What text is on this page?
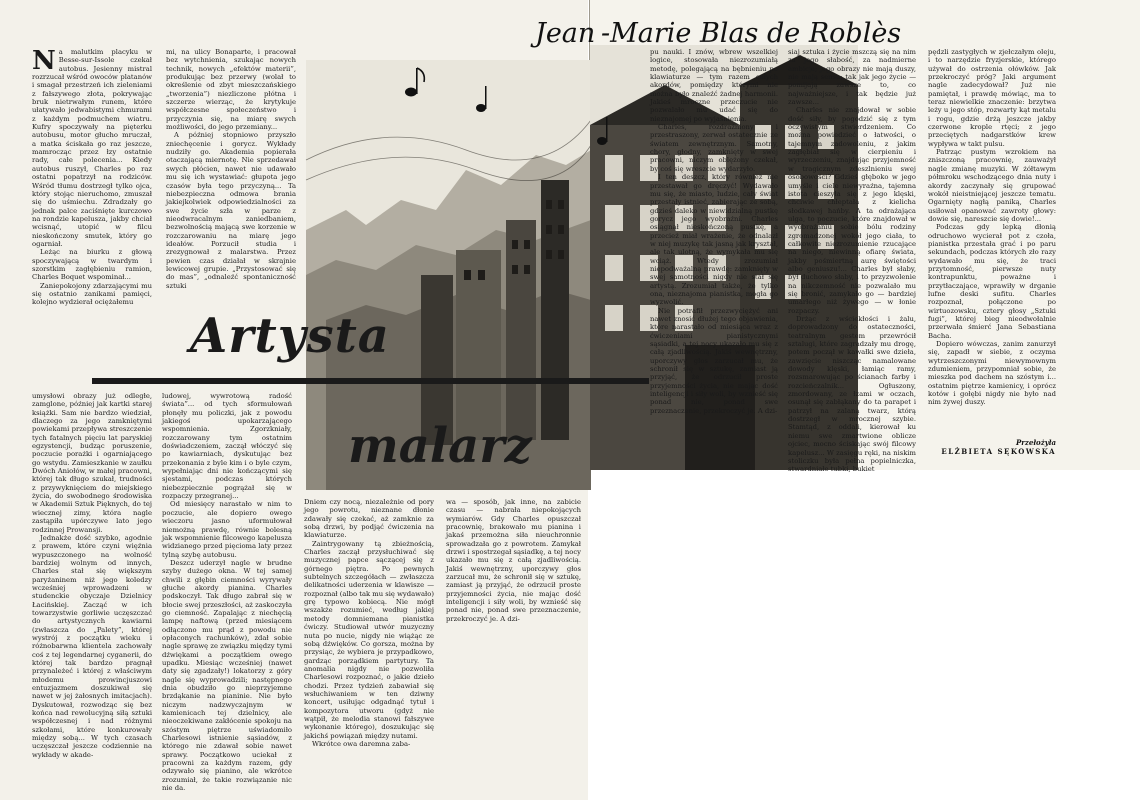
Jean -Marie Blas de Roblès
Artysta
malarz

Na malutkim placyku w Besse-sur-Issole czekał autobus. Jesienny mistral rozrzucał wśród owoców platanów i smagał przestrzeń ich zieleniami z fałszywego złota, pokrywając bruk nietrwałym runem, które ułatywało jedwabistymi chmurami z każdym podmuchem wiatru. Kufry spoczywały na pięterku autobusu, motor głucho mruczał, a matka ściskała go raz jeszcze, mamrocząc przez łzy ostatnie rady, całe polecenia... Kiedy autobus ruszył, Charles po raz ostatni popatrzył na rodziców. Wśród tłumu dostrzegł tylko ojca, który stojąc nieruchomo, zmuszał się do uśmiechu. Zdradzały go jednak palce zaciśnięte kurczowo na rondzie kapelusza, jakby chciał wcisnąć, utopić w filcu nieskończony smutek, który go ogarniał.

Leżąc na biurku z głową spoczywającą w twardym i szorstkim zagłębieniu ramion, Charles Boquet wspominał...

Zaniepokojony zdarzającymi mu się ostatnio zanikami pamięci, kolejno wydzierał ociężałemu

mi, na ulicy Bonaparte, i pracował bez wytchnienia, szukając nowych technik, nowych „efektów materii”, produkując bez przerwy (wolał to określenie od zbyt mieszczańskiego „tworzenia”) niezliczone płótna i szczerze wierząc, że krytykuje współczesne społeczeństwo i przyczynia się, na miarę swych możliwości, do jego przemiany...

A później stopniowo przyszło zniechęcenie i gorycz. Wykłady nudziły go. Akademia popierała otaczającą miernotę. Nie sprzedawał swych płócien, nawet nie udawało mu się ich wystawiać: głupota jego czasów była tego przyczyną... Ta niebezpieczna odmowa brania jakiejkolwiek odpowiedzialności za swe życie szła w parze z nieodwracalnym zaniedbaniem, bezwolnością mającą swe korzenie w rozczarowaniu na miarę jego ideałów. Porzucił studia i zrezygnował z malarstwa. Przez pewien czas działał w skrajnie lewicowej grupie. „Przystosować się do mas”, „odnaleźć spontaniczność sztuki

umysłowi obrazy już odległe, zamglone, później jak kartki starej książki. Sam nie bardzo wiedział, dlaczego za jego zamkniętymi powiekami przepływa streszczenie tych fatalnych pięciu lat paryskiej egzystencji, budząc poruszenie, poczucie porażki i ogarniającego go wstydu. Zamieszkanie w zaułku Dwóch Aniołów, w małej pracowni, której tak długo szukał, trudności z przywyknięciem do miejskiego życia, do swobodnego środowiska w Akademii Sztuk Pięknych, do tej wiecznej zimy, która nagle zastąpiła upórczywe lato jego rodzinnej Prowansji.

Jednakże dość szybko, agodnie z prawem, które czyni więźnia wypuszczonego na wolność bardziej wolnym od innych, Charles stał się większym paryżaninem niż jego koledzy wcześniej wprowadzeni w studenckie obyczaje Dzielnicy Łacińskiej. Zacząć w ich towarzystwie gorliwie uczęszczać do artystycznych kawiarni (zwłaszcza do „Palety”, której wystrój z początku wieku i różnobarwna klientela zachowały coś z tej legendarnej cyganerii, do której tak bardzo pragnął przynależeć i której z właściwym młodemu prowincjuszowi entuzjazmem doszukiwał się nawet w jej żałosnych imitacjach). Dyskutował, rozwodząc się bez końca nad rewolucyjną siłą sztuki współczesnej i nad różnymi szkołami, które konkurowały między sobą... W tych czasach uczęszczał jeszcze codziennie na wykłady w akade-

ludowej, wywrotową radość świata”... od tych sformułowań płonęły mu policzki, jak z powodu jakiegoś upokarzającego wspomnienia. Zgorzkniały, rozczarowany tym ostatnim doświadczeniem, zaczął włóczyć się po kawiarniach, dyskutując bez przekonania z byle kim i o byle czym, wypełniając dni nie kończącymi się sjestami, podczas których niebezpiecznie pogrążał się w rozpaczy przegranej...

Od miesięcy narastało w nim to poczucie, ale dopiero owego wieczoru jasno uformułował niemożną prawdę, równie bolesną jak wspomnienie filcowego kapelusza widzianego przed pięcioma laty przez tylną szybę autobusu.

Deszcz uderzył nagle w brudne szyby dużego okna. W tej samej chwili z głębin ciemności wyrywały głuche akordy pianina. Charles podskoczył. Tak długo zabrał się w błocie swej przeszłości, aż zaskoczyła go ciemność. Zapalając z niechęcią lampę naftową (przed miesiącem odłączono mu prąd z powodu nie opłaconych rachunków), zdał sobie nagle sprawę ze związku między tymi dźwiękami a początkiem owego upadku. Miesiąc wcześniej (nawet daty się zgadzały!) lokatorzy z góry nagle się wyprowadzili; następnego dnia obudziło go nieprzyjemne brzdąkanie na pianinie. Nie było niczym nadzwyczajnym w kamienicach tej dzielnicy, ale nieoczekiwane zakłócenie spokoju na szóstym piętrze uświadomiło Charlesowi istnienie sąsiadów, z którego nie zdawał sobie nawet sprawy. Początkowo uciekał z pracowni za każdym razem, gdy odzywało się pianino, ale wkrótce zrozumiał, że takie rozwiązanie nic nie da.

Dniem czy nocą, niezależnie od pory jego powrotu, nieznane dłonie zdawały się czekać, aż zamknie za sobą drzwi, by podjąć ćwiczenia na klawiaturze.

Zaintrygowany tą zbieżnością, Charles zaczął przysłuchiwać się muzycznej papce sączącej się z górnego piętra. Po pewnych subtelnych szczegółach — zwłaszcza delikatności uderzenia w klawisze — rozpoznał (albo tak mu się wydawało) grę typowo kobiecą. Nie mógł wszakże rozumieć, według jakiej metody domniemana pianistka ćwiczy. Studiował utwór muzyczny nuta po nucie, nigdy nie wiążąc ze sobą dźwięków. Co gorsza, można by przysiąc, że wybiera je przypadkowo, gardząc porządkiem partytury. Ta anomalia nigdy nie pozwoliła Charlesowi rozpoznać, o jakie dzieło chodzi. Przez tydzień zabawiał się wsłuchiwaniem w ten dziwny koncert, usiłując odgadnąć tytuł i kompozytora utworu (gdyż nie wątpił, że melodia stanowi fałszywe wykonanie którego), doszukując się jakichś powiązań między nutami.

Wkrótce owa daremna zaba-

wa — sposób, jak inne, na zabicie czasu — nabrała niepokojących wymiarów. Gdy Charles opuszczał pracownię, brakowało mu pianina i jakaś przemożna siła nieuchronnie sprowadzała go z powrotem. Zamykał drzwi i spostrzegał sąsiadkę, a tej nocy ukazało mu się z całą zjadliwością. Jakiś wewnętrzny, uporczywy głos zarzucał mu, że schronił się w sztukę, zamiast ją przyjąć, że odrzucił proste przyjemności życia, nie mając dość inteligencji i siły woli, by wznieść się ponad nie, ponad swe przeznaczenie, przekroczyć je. A dzi-

pu nauki. I znów, wbrew wszelkiej logice, stosowała niezrozumiałą metodę, polegającą na bębnieniu po klawiaturze — tym razem całych akordów, pomiędzy którymi nie można było znaleźć żadnej harmonii. Jakieś mroczne przeczucie nie pozwalało mu udać się do nieznajomej po wyjaśnienia.

Charles, rozdrażniony i przestraszony, zerwał ostatecznie ze światem zewnętrznym. Samotny, chory, głodny, zamknięty w swej pracowni, niczym oblężony czekał, by coś się wreszcie wydarzyło.

I ten deszcz, który również nie przestawał go dręczyć! Wydawało mu się, że miasto, ludzie, cały świat przestały istnieć, zabierając ze sobą, gdzieś daleko w niewidzialną pustkę gorycz jego wyobraźni. Charles osiągnął nieskończoną pustkę, a przecież miał wrażenie, że odnalazł w niej muzykę tak jasną jak kryształ, ale tak ulotną, że wymykała mu się wciąż. Wtedy zrozumiał niepodważalną prawdę: zamknięty w swej samotności nigdy nie stał się artystą. Zrozumiał także, że tylko ona, nieznajoma pianistka, mogła go wyzwolić.

Nie potrafił przezwyciężyć ani nawet znosić dłużej tego objawienia, które narastało od miesiąca wraz z ćwiczeniami pianistycznymi sąsiadki, a tej nocy ukazało mu się z całą zjadliwością. Jakiś wewnętrzny, uporczywy głos zarzucał mu, że schronił się w sztukę, zamiast ją przyjąć, że odrzucił proste przyjemności życia, nie mając dość inteligencji i siły woli, by wznieść się ponad nie, ponad swe przeznaczenie, przekroczyć je. A dzi-

siaj sztuka i życie mszczą się na nim za jego słabość, za nadmierne ambicje; jego obrazy nie mają duszy, nie mają sensu; tak jak jego życie — pomijają zawsze to, co najważniejsze, i tak będzie już zawsze...

Charles nie znajdował w sobie dość siły, by pogodzić się z tym oczywistym stwierdzeniem. Co można powiedzieć o łatwości, o tajemnym zadowoleniu, z jakim zagłębiał się w cierpieniu i wyrzeczeniu, znajdując przyjemność w tragicznym zdeszlnieniu swej osobowości? Gdzieś głęboko w jego umyśle i ciele niewyraźna, tajemna istota cieszyła się z jego klęski, chciwie chłeptała z kielicha słodkawej hańby. A ta odrażająca ulga, to poczucie, które znajdował w wyobrażaniu sobie bólu rodziny zgromadzonej wokół jego ciała, to całkowite niezrozumienie rzucające na niego, niewinną ofiarę świata, jakby pośmiertną aurę świętości albo geniuszu!... Charles był słaby, był duchowo słaby, i to przyzwolenie na nikczemność nie pozwalało mu się bronić, zamykało go — bardziej umarłego niż żywego — w łonie rozpaczy.

Drżąc z wściekłości i żalu, doprowadzony do ostateczności, teatralnym gestem przewrócił sztalugi, które zagradzały mu drogę, potem począł w kawałki swe dzieła, zawzięcie niszcząc namalowane dowody klęski, łamiąc ramy, rozsmarowując po ścianach farby i rozcieńczalnik... Ogłuszony, zmordowany, ze łzami w oczach, osunął się zabłąkany do ta parapet i patrzył na zalaną twarz, którą dostrzegł w mrocznej szybie. Stamtąd, z oddali, kierował ku niemu swe zmartwione oblicze ojciec, mocno ściskając swój filcowy kapelusz... W zasięgu ręki, na niskim stoliczku była pełna popielniczka, stwardniałe tubki, bukiet

pędzli zastygłych w zjełczałym oleju, i to narzędzie fryzjerskie, którego używał do ostrzenia ołówków. Jak przekroczyć próg? Jaki argument nagle zadecydował? Już nie pamiętał, i prawdę mówiąc, ma to teraz niewielkie znaczenie: brzytwa leży u jego stóp, rozwarty kąt metalu i rogu, gdzie drżą jeszcze jakby czerwone krople rtęci; z jego przeciętych nadgarstków krew wypływa w takt pulsu.

Patrząc pustym wzrokiem na zniszczoną pracownię, zauważył nagle zmianę muzyki. W żółtawym półmroku wschodzącego dnia nuty i akordy zaczynały się grupować wokół nieistniejącej jeszcze tematu. Ogarnięty nagłą paniką, Charles usiłował opanować zawroty głowy: dowie się, nareszcie się dowie!...

Podczas gdy lepką dłonią odruchowo wycierał pot z czoła, pianistka przestała grać i po paru sekundach, podczas których zło razy wydawało mu się, że traci przytomność, pierwsze nuty kontrapunktu, poważne i przytłaczające, wprawiły w drganie lufne deski sufitu. Charles rozpoznał, połączone po wirtuozowsku, cztery głosy „Sztuki fugi”, której bieg nieodwołalnie przerwała śmierć Jana Sebastiana Bacha.

Dopiero wówczas, zanim zanurzył się, zapadł w siebie, z oczyma wytrzeszczonymi niewymownym zdumieniem, przypomniał sobie, że mieszka pod dachem na szóstym i... ostatnim piętrze kamienicy, i oprócz kotów i gołębi nigdy nie było nad nim żywej duszy.

Przełożyła
ELŻBIETA SĘKOWSKA
